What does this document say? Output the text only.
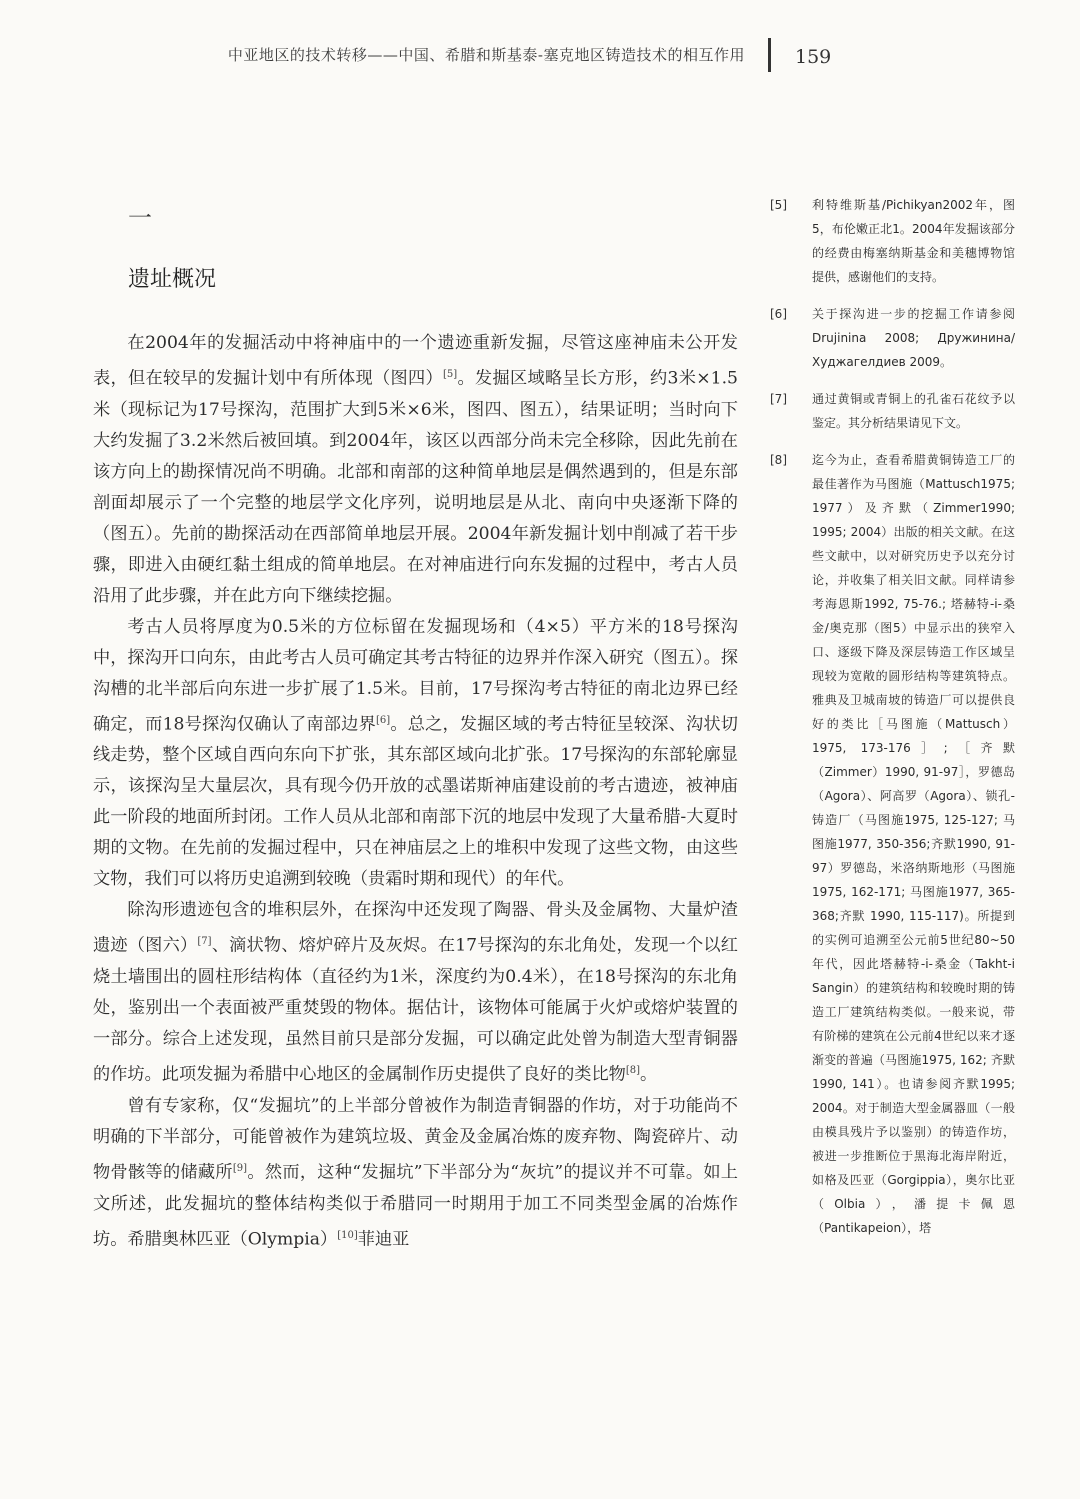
中亚地区的技术转移——中国、希腊和斯基泰-塞克地区铸造技术的相互作用	159
一
遗址概况

在2004年的发掘活动中将神庙中的一个遗迹重新发掘，尽管这座神庙未公开发表，但在较早的发掘计划中有所体现（图四）[5]。发掘区域略呈长方形，约3米×1.5米（现标记为17号探沟，范围扩大到5米×6米，图四、图五），结果证明；当时向下大约发掘了3.2米然后被回填。到2004年，该区以西部分尚未完全移除，因此先前在该方向上的勘探情况尚不明确。北部和南部的这种简单地层是偶然遇到的，但是东部剖面却展示了一个完整的地层学文化序列，说明地层是从北、南向中央逐渐下降的（图五）。先前的勘探活动在西部简单地层开展。2004年新发掘计划中削减了若干步骤，即进入由硬红黏土组成的简单地层。在对神庙进行向东发掘的过程中，考古人员沿用了此步骤，并在此方向下继续挖掘。

考古人员将厚度为0.5米的方位标留在发掘现场和（4×5）平方米的18号探沟中，探沟开口向东，由此考古人员可确定其考古特征的边界并作深入研究（图五）。探沟槽的北半部后向东进一步扩展了1.5米。目前，17号探沟考古特征的南北边界已经确定，而18号探沟仅确认了南部边界[6]。总之，发掘区域的考古特征呈较深、沟状切线走势，整个区域自西向东向下扩张，其东部区域向北扩张。17号探沟的东部轮廓显示，该探沟呈大量层次，具有现今仍开放的忒墨诺斯神庙建设前的考古遗迹，被神庙此一阶段的地面所封闭。工作人员从北部和南部下沉的地层中发现了大量希腊-大夏时期的文物。在先前的发掘过程中，只在神庙层之上的堆积中发现了这些文物，由这些文物，我们可以将历史追溯到较晚（贵霜时期和现代）的年代。

除沟形遗迹包含的堆积层外，在探沟中还发现了陶器、骨头及金属物、大量炉渣遗迹（图六）[7]、滴状物、熔炉碎片及灰烬。在17号探沟的东北角处，发现一个以红烧土墙围出的圆柱形结构体（直径约为1米，深度约为0.4米），在18号探沟的东北角处，鉴别出一个表面被严重焚毁的物体。据估计，该物体可能属于火炉或熔炉装置的一部分。综合上述发现，虽然目前只是部分发掘，可以确定此处曾为制造大型青铜器的作坊。此项发掘为希腊中心地区的金属制作历史提供了良好的类比物[8]。

曾有专家称，仅“发掘坑”的上半部分曾被作为制造青铜器的作坊，对于功能尚不明确的下半部分，可能曾被作为建筑垃圾、黄金及金属冶炼的废弃物、陶瓷碎片、动物骨骸等的储藏所[9]。然而，这种“发掘坑”下半部分为“灰坑”的提议并不可靠。如上文所述，此发掘坑的整体结构类似于希腊同一时期用于加工不同类型金属的冶炼作坊。希腊奥林匹亚（Olympia）[10]菲迪亚

[5]	利特维斯基/Pichikyan2002年，图5，布伦嫩正北1。2004年发掘该部分的经费由梅塞纳斯基金和美穗博物馆提供，感谢他们的支持。
[6]	关于探沟进一步的挖掘工作请参阅Drujinina 2008; Дружинина/Худжагелдиев 2009。
[7]	通过黄铜或青铜上的孔雀石花纹予以鉴定。其分析结果请见下文。
[8]	迄今为止，查看希腊黄铜铸造工厂的最佳著作为马图施（Mattusch1975; 1977）及齐默（Zimmer1990; 1995; 2004）出版的相关文献。在这些文献中，以对研究历史予以充分讨论，并收集了相关旧文献。同样请参考海恩斯1992, 75-76.; 塔赫特-i-桑金/奥克那（图5）中显示出的狭窄入口、逐级下降及深层铸造工作区域呈现较为宽敞的圆形结构等建筑特点。雅典及卫城南坡的铸造厂可以提供良好的类比［马图施（Mattusch）1975, 173-176］;［齐默（Zimmer）1990, 91-97］，罗德岛（Agora）、阿高罗（Agora）、锁孔-铸造厂（马图施1975, 125-127; 马图施1977, 350-356;齐默1990, 91-97）罗德岛，米洛纳斯地形（马图施1975, 162-171; 马图施1977, 365-368;齐默 1990, 115-117)。所提到的实例可追溯至公元前5世纪80~50年代，因此塔赫特-i-桑金（Takht-i Sangin）的建筑结构和较晚时期的铸造工厂建筑结构类似。一般来说，带有阶梯的建筑在公元前4世纪以来才逐渐变的普遍（马图施1975, 162; 齐默1990, 141）。也请参阅齐默1995; 2004。对于制造大型金属器皿（一般由模具残片予以鉴别）的铸造作坊，被进一步推断位于黑海北海岸附近，如格及匹亚（Gorgippia），奥尔比亚（Olbia），潘提卡佩恩（Pantikapeion），塔
